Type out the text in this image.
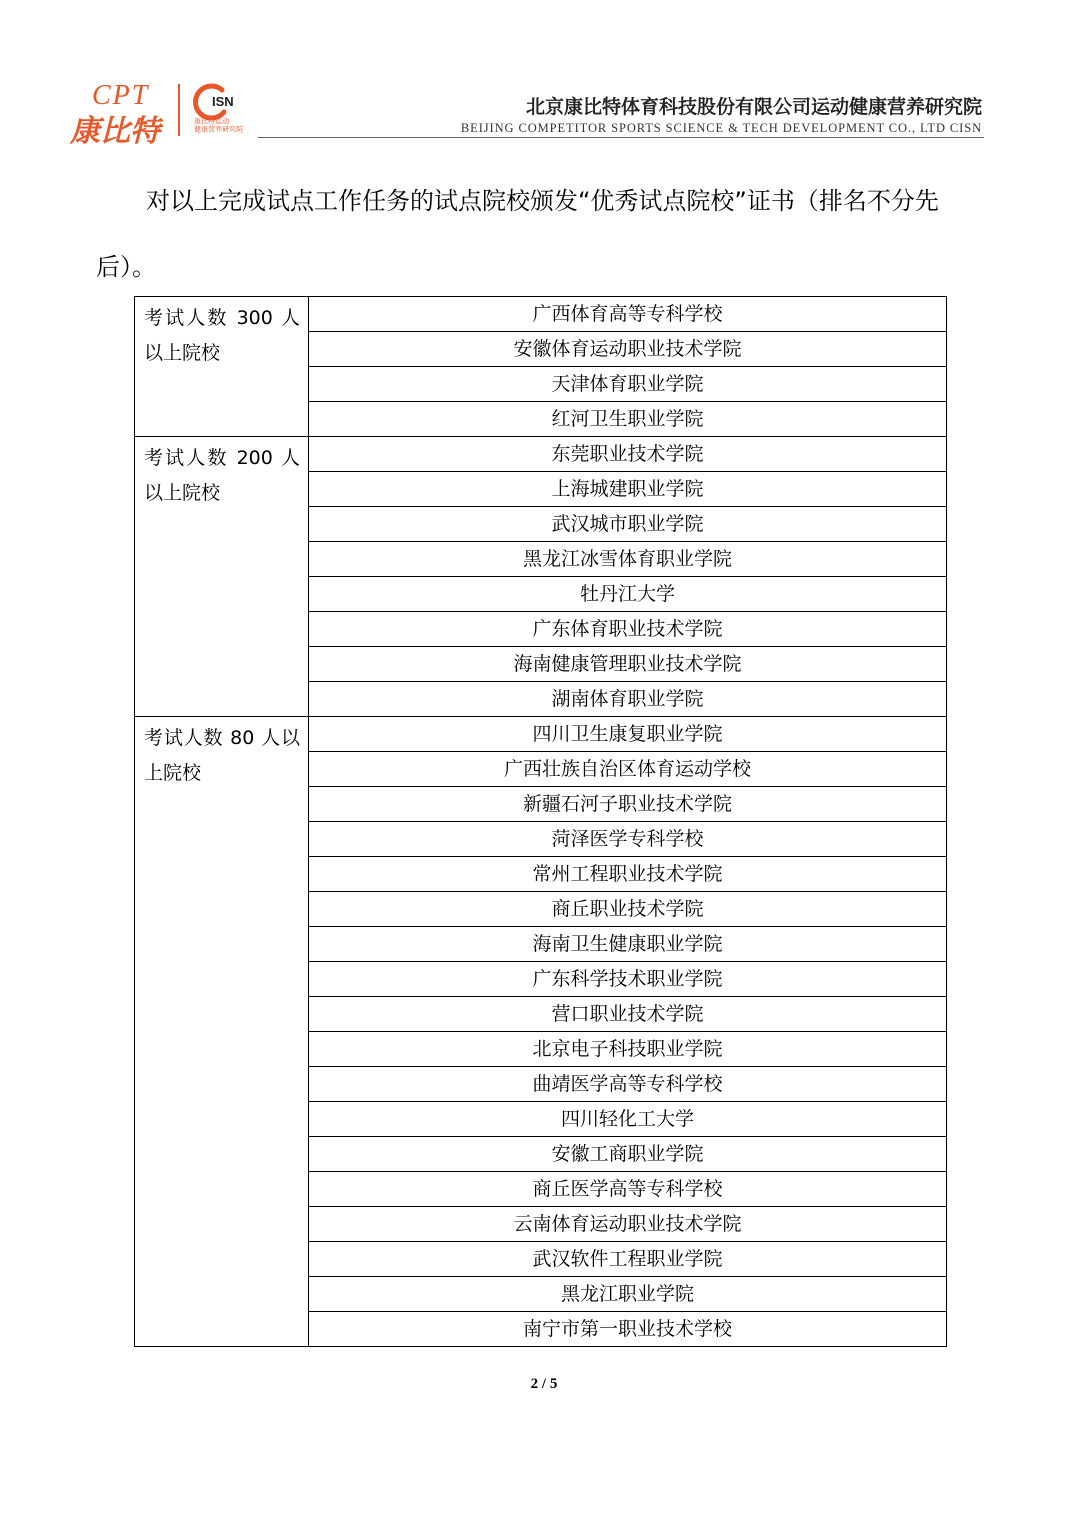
CPT
康比特
ISN
康比特运动
健康营养研究院
北京康比特体育科技股份有限公司运动健康营养研究院
BEIJING COMPETITOR SPORTS SCIENCE & TECH DEVELOPMENT CO., LTD CISN
对以上完成试点工作任务的试点院校颁发“优秀试点院校”证书（排名不分先后）。
考试人数 300 人以上院校	广西体育高等专科学校
	安徽体育运动职业技术学院
	天津体育职业学院
	红河卫生职业学院
考试人数 200 人以上院校	东莞职业技术学院
	上海城建职业学院
	武汉城市职业学院
	黑龙江冰雪体育职业学院
	牡丹江大学
	广东体育职业技术学院
	海南健康管理职业技术学院
	湖南体育职业学院
考试人数 80 人以上院校	四川卫生康复职业学院
	广西壮族自治区体育运动学校
	新疆石河子职业技术学院
	菏泽医学专科学校
	常州工程职业技术学院
	商丘职业技术学院
	海南卫生健康职业学院
	广东科学技术职业学院
	营口职业技术学院
	北京电子科技职业学院
	曲靖医学高等专科学校
	四川轻化工大学
	安徽工商职业学院
	商丘医学高等专科学校
	云南体育运动职业技术学院
	武汉软件工程职业学院
	黑龙江职业学院
	南宁市第一职业技术学校
2 / 5
